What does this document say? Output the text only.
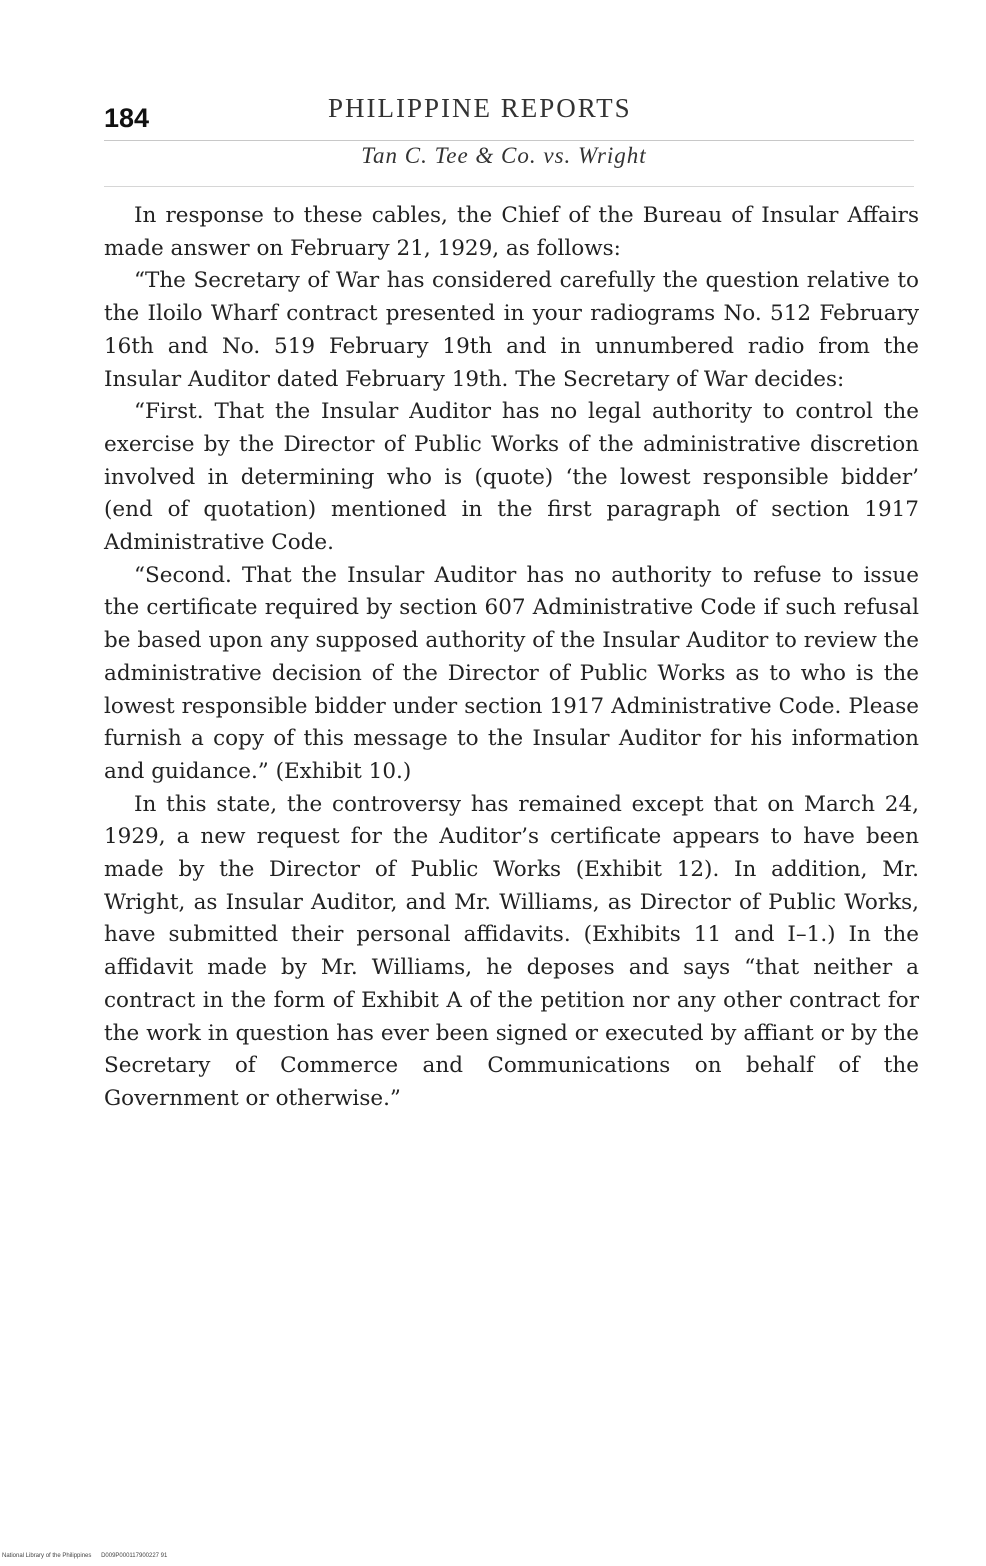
184	PHILIPPINE REPORTS
Tan C. Tee & Co. vs. Wright

In response to these cables, the Chief of the Bureau of Insular Affairs made answer on February 21, 1929, as follows:

“The Secretary of War has considered carefully the question relative to the Iloilo Wharf contract presented in your radiograms No. 512 February 16th and No. 519 February 19th and in unnumbered radio from the Insular Auditor dated February 19th. The Secretary of War decides:

“First. That the Insular Auditor has no legal authority to control the exercise by the Director of Public Works of the administrative discretion involved in determining who is (quote) ‘the lowest responsible bidder’ (end of quotation) mentioned in the first paragraph of section 1917 Administrative Code.

“Second. That the Insular Auditor has no authority to refuse to issue the certificate required by section 607 Administrative Code if such refusal be based upon any supposed authority of the Insular Auditor to review the administrative decision of the Director of Public Works as to who is the lowest responsible bidder under section 1917 Administrative Code. Please furnish a copy of this message to the Insular Auditor for his information and guidance.” (Exhibit 10.)

In this state, the controversy has remained except that on March 24, 1929, a new request for the Auditor’s certificate appears to have been made by the Director of Public Works (Exhibit 12). In addition, Mr. Wright, as Insular Auditor, and Mr. Williams, as Director of Public Works, have submitted their personal affidavits. (Exhibits 11 and I–1.) In the affidavit made by Mr. Williams, he deposes and says “that neither a contract in the form of Exhibit A of the petition nor any other contract for the work in question has ever been signed or executed by affiant or by the Secretary of Commerce and Communications on behalf of the Government or otherwise.”

National Library of the Philippines D009P000117900227 91
